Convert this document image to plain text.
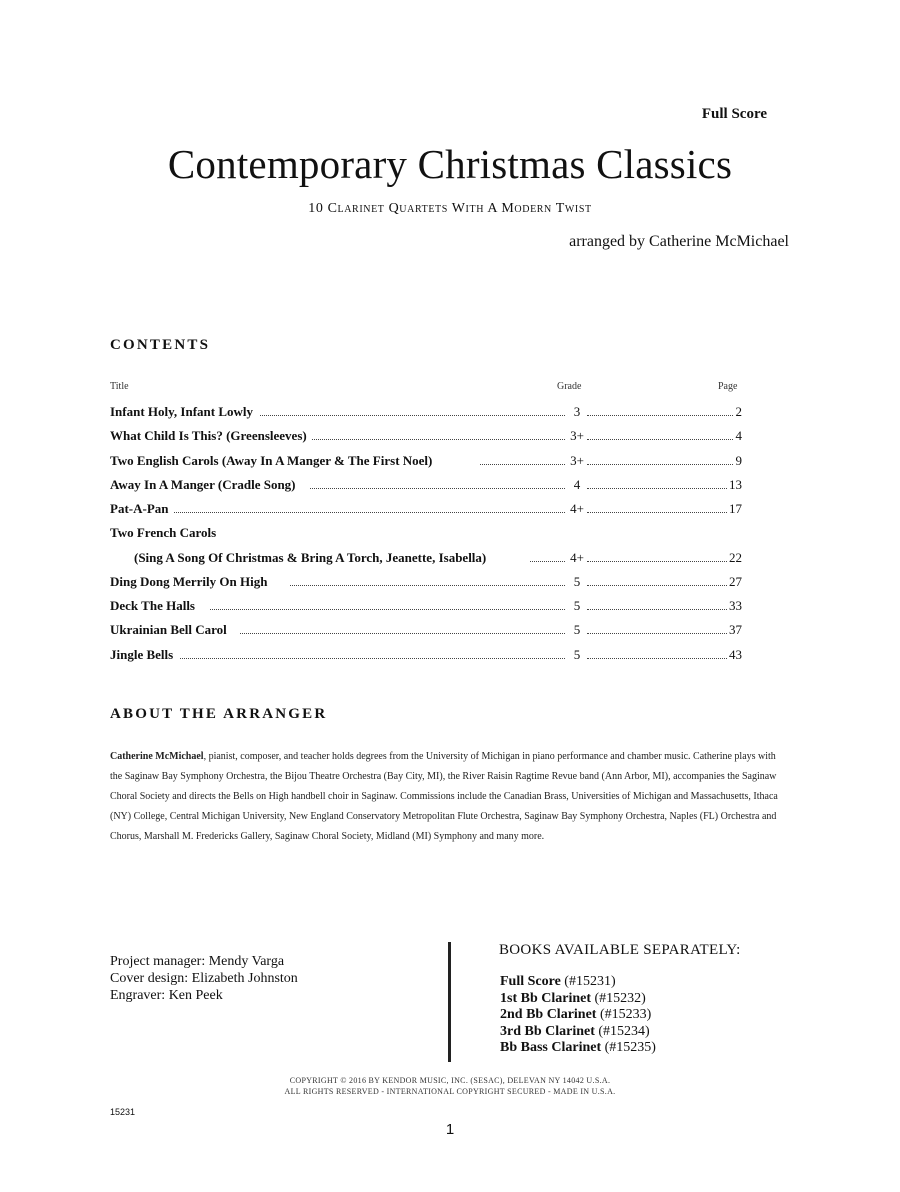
Full Score
Contemporary Christmas Classics
10 Clarinet Quartets With A Modern Twist
arranged by Catherine McMichael
CONTENTS
Title	Grade	Page
Infant Holy, Infant Lowly	3	2
What Child Is This? (Greensleeves)	3+	4
Two English Carols (Away In A Manger & The First Noel)	3+	9
Away In A Manger (Cradle Song)	4	13
Pat-A-Pan	4+	17
Two French Carols
(Sing A Song Of Christmas & Bring A Torch, Jeanette, Isabella)	4+	22
Ding Dong Merrily On High	5	27
Deck The Halls	5	33
Ukrainian Bell Carol	5	37
Jingle Bells	5	43
ABOUT THE ARRANGER
Catherine McMichael, pianist, composer, and teacher holds degrees from the University of Michigan in piano performance and chamber music. Catherine plays with the Saginaw Bay Symphony Orchestra, the Bijou Theatre Orchestra (Bay City, MI), the River Raisin Ragtime Revue band (Ann Arbor, MI), accompanies the Saginaw Choral Society and directs the Bells on High handbell choir in Saginaw. Commissions include the Canadian Brass, Universities of Michigan and Massachusetts, Ithaca (NY) College, Central Michigan University, New England Conservatory Metropolitan Flute Orchestra, Saginaw Bay Symphony Orchestra, Naples (FL) Orchestra and Chorus, Marshall M. Fredericks Gallery, Saginaw Choral Society, Midland (MI) Symphony and many more.
Project manager: Mendy Varga
Cover design: Elizabeth Johnston
Engraver: Ken Peek
BOOKS AVAILABLE SEPARATELY:
Full Score (#15231)
1st Bb Clarinet (#15232)
2nd Bb Clarinet (#15233)
3rd Bb Clarinet (#15234)
Bb Bass Clarinet (#15235)
COPYRIGHT © 2016 BY KENDOR MUSIC, INC. (SESAC), DELEVAN NY 14042 U.S.A.
ALL RIGHTS RESERVED - INTERNATIONAL COPYRIGHT SECURED - MADE IN U.S.A.
15231
1
